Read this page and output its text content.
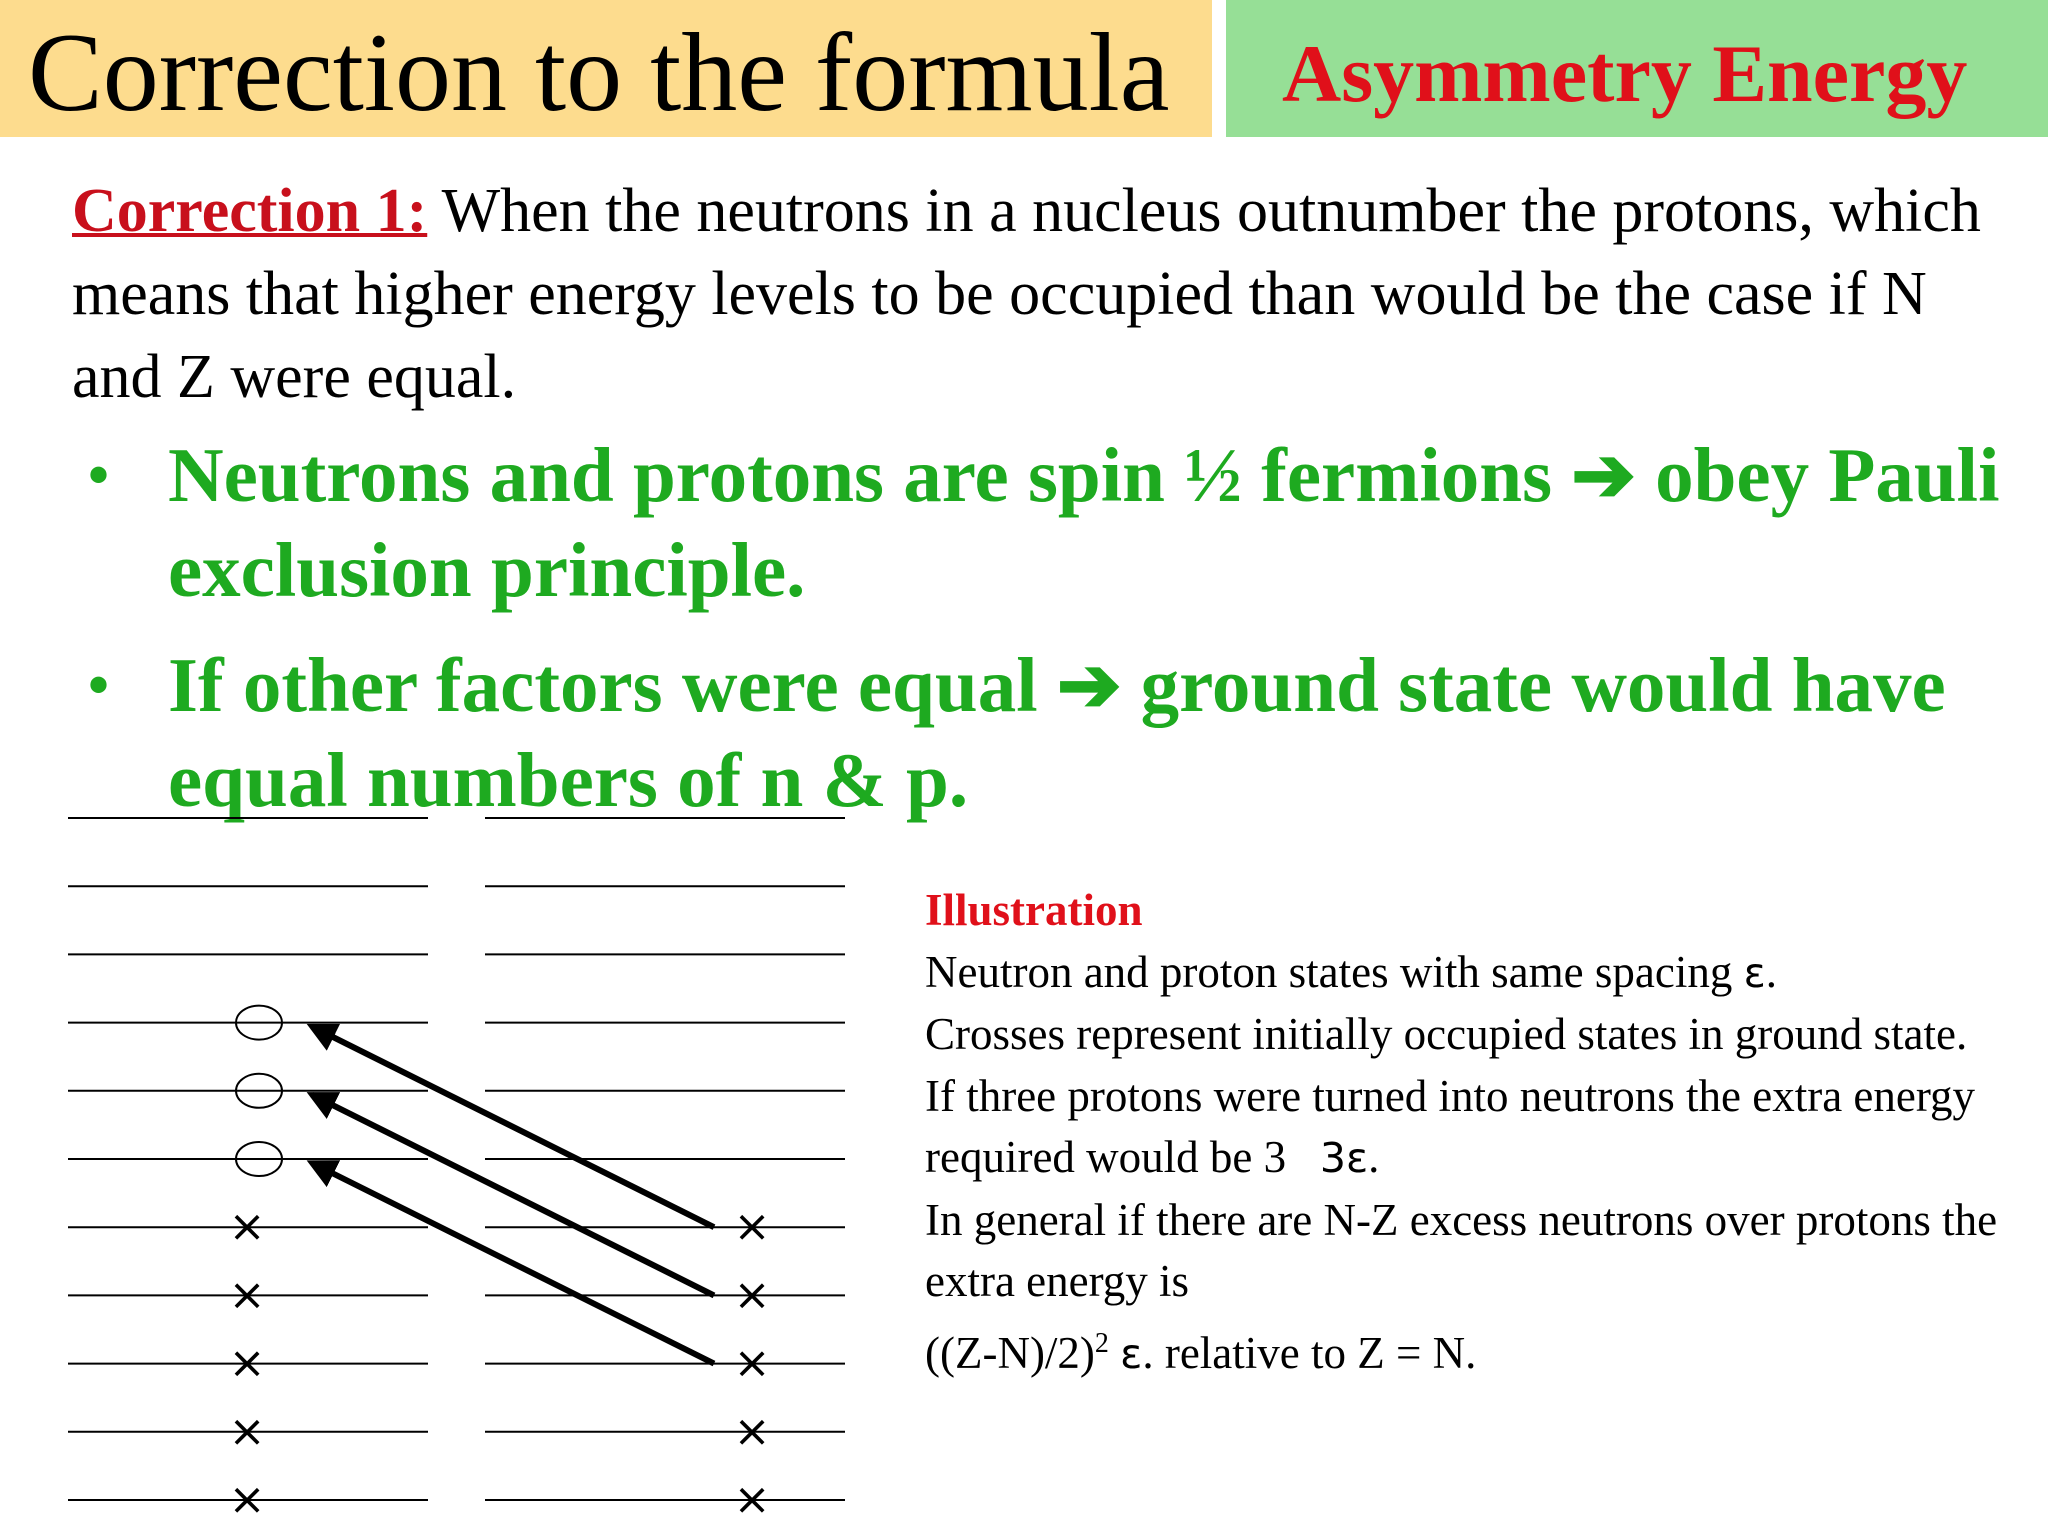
Correction to the formula Asymmetry Energy
Correction 1: When the neutrons in a nucleus outnumber the protons, which means that higher energy levels to be occupied than would be the case if N and Z were equal.
• Neutrons and protons are spin ½ fermions ➔ obey Pauli exclusion principle.
• If other factors were equal ➔ ground state would have equal numbers of n & p.
×
×
×
×
×
×
×
×
×
×
Illustration
Neutron and proton states with same spacing ε.
Crosses represent initially occupied states in ground state.
If three protons were turned into neutrons the extra energy required would be 3 3ε.
In general if there are N-Z excess neutrons over protons the extra energy is
$((Z-N)/2)^2$ ε. relative to Z = N.
